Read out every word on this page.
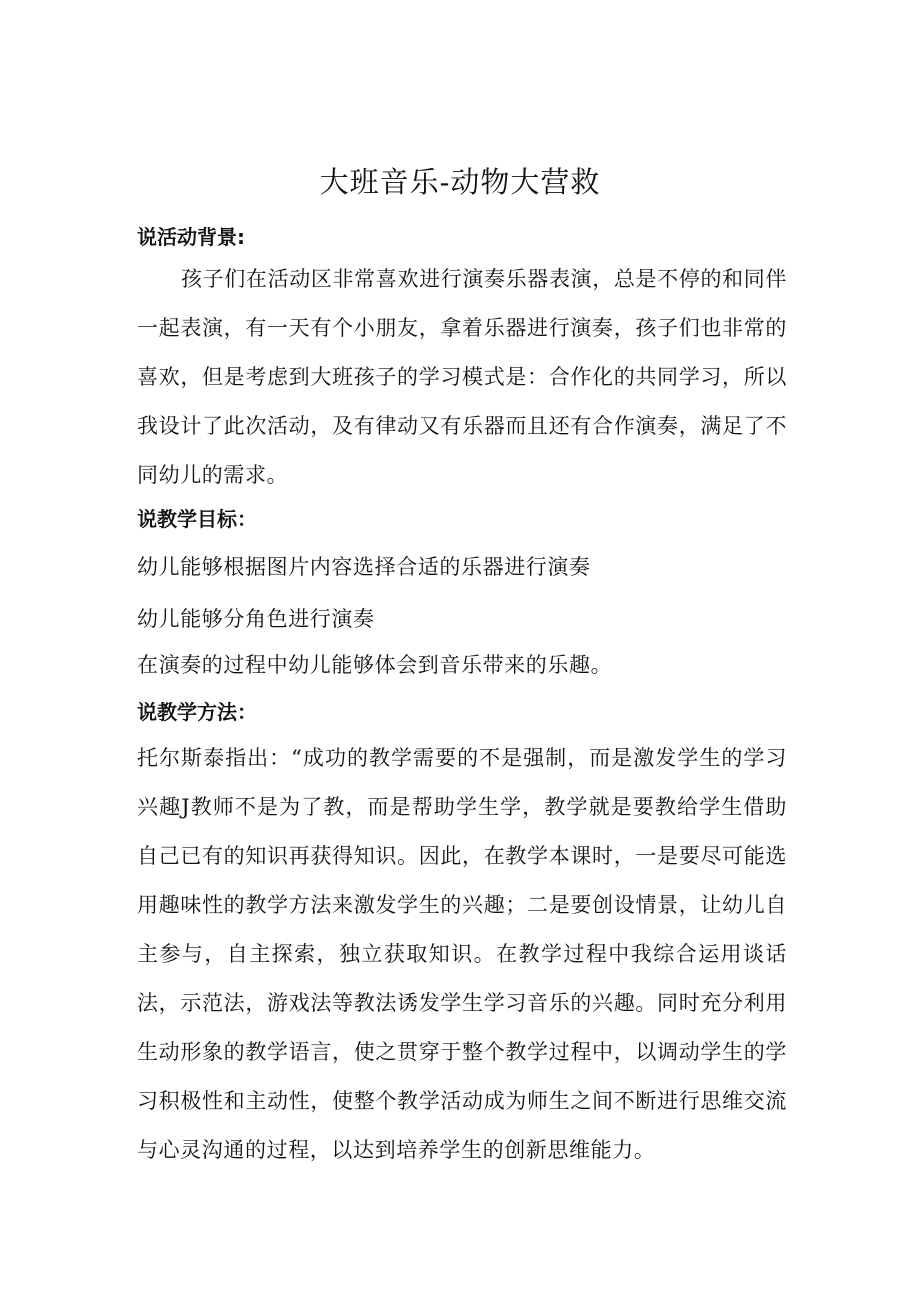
大班音乐-动物大营救
说活动背景:
孩子们在活动区非常喜欢进行演奏乐器表演，总是不停的和同伴一起表演，有一天有个小朋友，拿着乐器进行演奏，孩子们也非常的喜欢，但是考虑到大班孩子的学习模式是：合作化的共同学习，所以我设计了此次活动，及有律动又有乐器而且还有合作演奏，满足了不同幼儿的需求。
说教学目标：
幼儿能够根据图片内容选择合适的乐器进行演奏
幼儿能够分角色进行演奏
在演奏的过程中幼儿能够体会到音乐带来的乐趣。
说教学方法：
托尔斯泰指出：“成功的教学需要的不是强制，而是激发学生的学习兴趣J教师不是为了教，而是帮助学生学，教学就是要教给学生借助自己已有的知识再获得知识。因此，在教学本课时，一是要尽可能选用趣味性的教学方法来激发学生的兴趣；二是要创设情景，让幼儿自主参与，自主探索，独立获取知识。在教学过程中我综合运用谈话法，示范法，游戏法等教法诱发学生学习音乐的兴趣。同时充分利用生动形象的教学语言，使之贯穿于整个教学过程中，以调动学生的学习积极性和主动性，使整个教学活动成为师生之间不断进行思维交流与心灵沟通的过程，以达到培养学生的创新思维能力。
